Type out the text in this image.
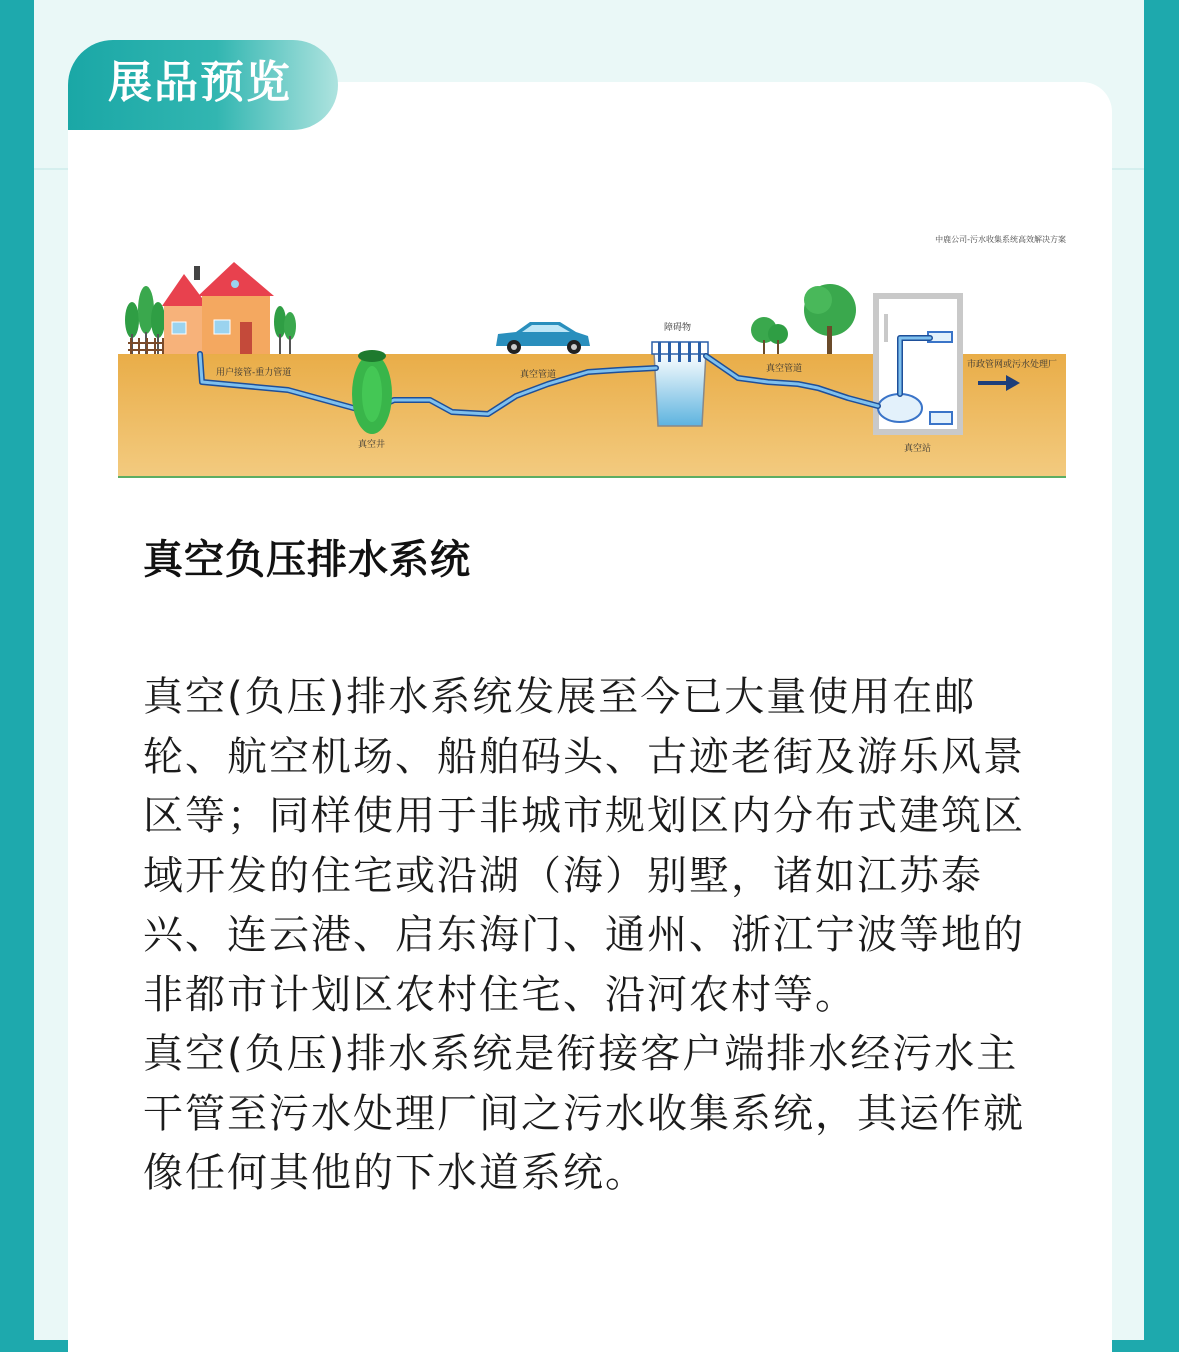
展品预览
中鹿公司-污水收集系统高效解决方案
用户接管-重力管道
真空井
真空管道
障碍物
真空管道
真空站
市政管网或污水处理厂
真空负压排水系统

真空(负压)排水系统发展至今已大量使用在邮轮、航空机场、船舶码头、古迹老街及游乐风景区等；同样使用于非城市规划区内分布式建筑区域开发的住宅或沿湖（海）别墅，诸如江苏泰兴、连云港、启东海门、通州、浙江宁波等地的非都市计划区农村住宅、沿河农村等。

真空(负压)排水系统是衔接客户端排水经污水主干管至污水处理厂间之污水收集系统，其运作就像任何其他的下水道系统。
